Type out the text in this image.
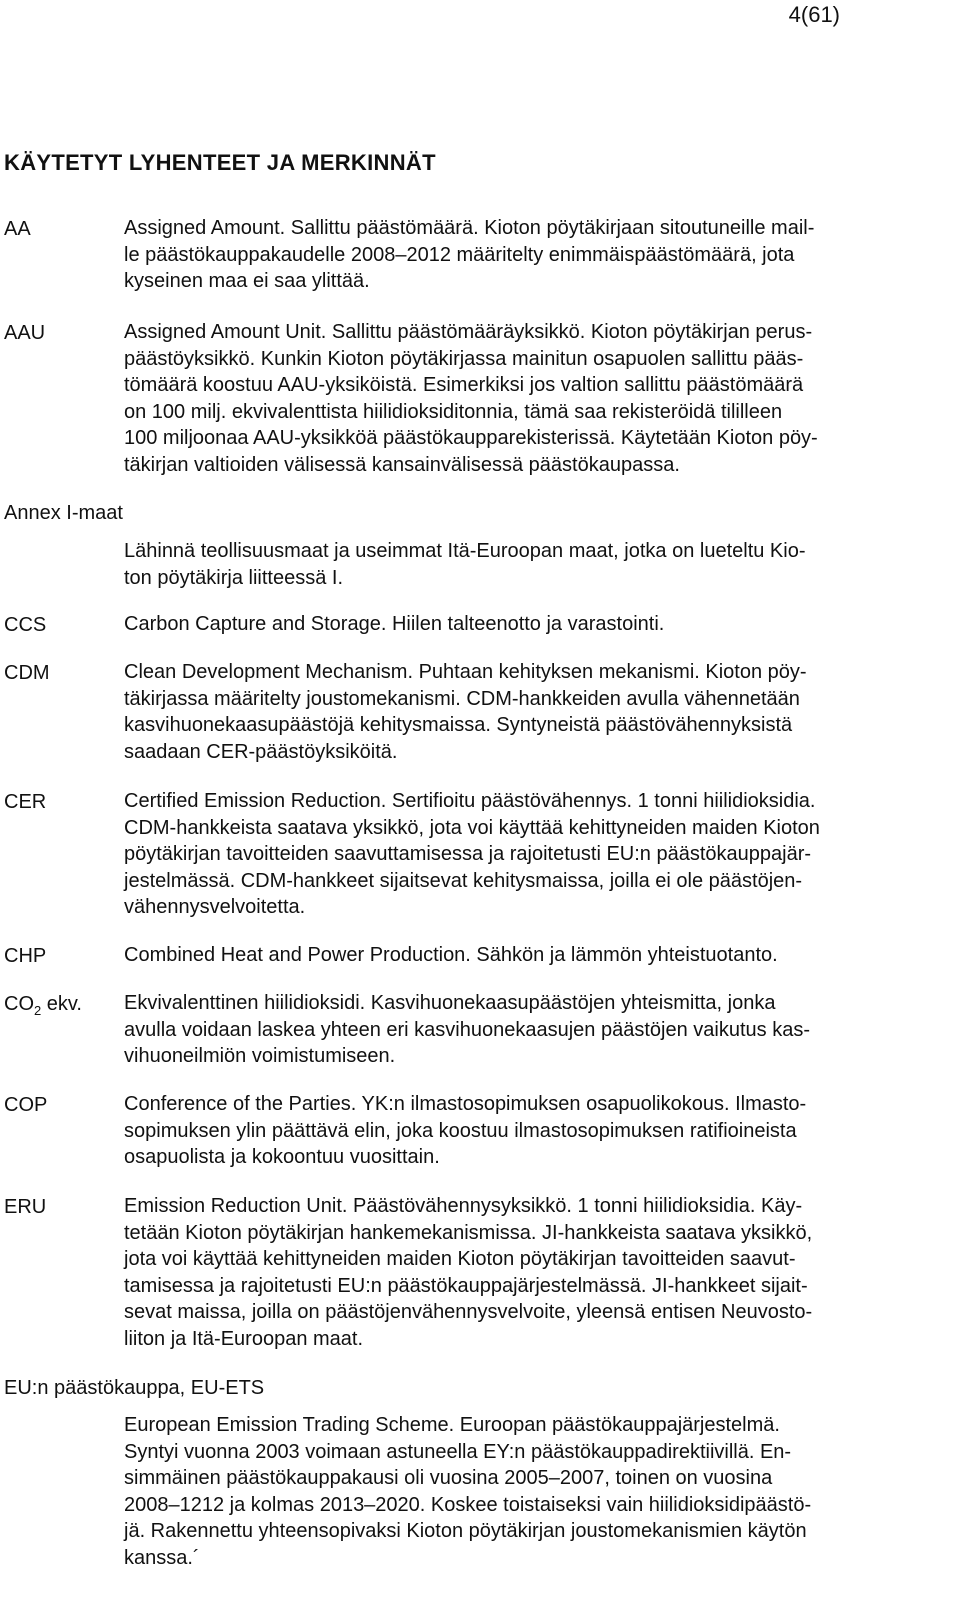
4(61)
KÄYTETYT LYHENTEET JA MERKINNÄT
AA	Assigned Amount. Sallittu päästömäärä. Kioton pöytäkirjaan sitoutuneille mail-
le päästökauppakaudelle 2008–2012 määritelty enimmäispäästömäärä, jota
kyseinen maa ei saa ylittää.
AAU	Assigned Amount Unit. Sallittu päästömääräyksikkö. Kioton pöytäkirjan perus-
päästöyksikkö. Kunkin Kioton pöytäkirjassa mainitun osapuolen sallittu pääs-
tömäärä koostuu AAU-yksiköistä. Esimerkiksi jos valtion sallittu päästömäärä
on 100 milj. ekvivalenttista hiilidioksiditonnia, tämä saa rekisteröidä tililleen
100 miljoonaa AAU-yksikköä päästökaupparekisterissä. Käytetään Kioton pöy-
täkirjan valtioiden välisessä kansainvälisessä päästökaupassa.
Annex I-maat
Lähinnä teollisuusmaat ja useimmat Itä-Euroopan maat, jotka on lueteltu Kio-
ton pöytäkirja liitteessä I.
CCS	Carbon Capture and Storage. Hiilen talteenotto ja varastointi.
CDM	Clean Development Mechanism. Puhtaan kehityksen mekanismi. Kioton pöy-
täkirjassa määritelty joustomekanismi. CDM-hankkeiden avulla vähennetään
kasvihuonekaasupäästöjä kehitysmaissa. Syntyneistä päästövähennyksistä
saadaan CER-päästöyksiköitä.
CER	Certified Emission Reduction. Sertifioitu päästövähennys. 1 tonni hiilidioksidia.
CDM-hankkeista saatava yksikkö, jota voi käyttää kehittyneiden maiden Kioton
pöytäkirjan tavoitteiden saavuttamisessa ja rajoitetusti EU:n päästökauppajär-
jestelmässä. CDM-hankkeet sijaitsevat kehitysmaissa, joilla ei ole päästöjen-
vähennysvelvoitetta.
CHP	Combined Heat and Power Production. Sähkön ja lämmön yhteistuotanto.
$CO_2$ ekv. Ekvivalenttinen hiilidioksidi. Kasvihuonekaasupäästöjen yhteismitta, jonka
avulla voidaan laskea yhteen eri kasvihuonekaasujen päästöjen vaikutus kas-
vihuoneilmiön voimistumiseen.
COP	Conference of the Parties. YK:n ilmastosopimuksen osapuolikokous. Ilmasto-
sopimuksen ylin päättävä elin, joka koostuu ilmastosopimuksen ratifioineista
osapuolista ja kokoontuu vuosittain.
ERU	Emission Reduction Unit. Päästövähennysyksikkö. 1 tonni hiilidioksidia. Käy-
tetään Kioton pöytäkirjan hankemekanismissa. JI-hankkeista saatava yksikkö,
jota voi käyttää kehittyneiden maiden Kioton pöytäkirjan tavoitteiden saavut-
tamisessa ja rajoitetusti EU:n päästökauppajärjestelmässä. JI-hankkeet sijait-
sevat maissa, joilla on päästöjenvähennysvelvoite, yleensä entisen Neuvosto-
liiton ja Itä-Euroopan maat.
EU:n päästökauppa, EU-ETS
European Emission Trading Scheme. Euroopan päästökauppajärjestelmä.
Syntyi vuonna 2003 voimaan astuneella EY:n päästökauppadirektiivillä. En-
simmäinen päästökauppakausi oli vuosina 2005–2007, toinen on vuosina
2008–1212 ja kolmas 2013–2020. Koskee toistaiseksi vain hiilidioksidipäästö-
jä. Rakennettu yhteensopivaksi Kioton pöytäkirjan joustomekanismien käytön
kanssa.´
